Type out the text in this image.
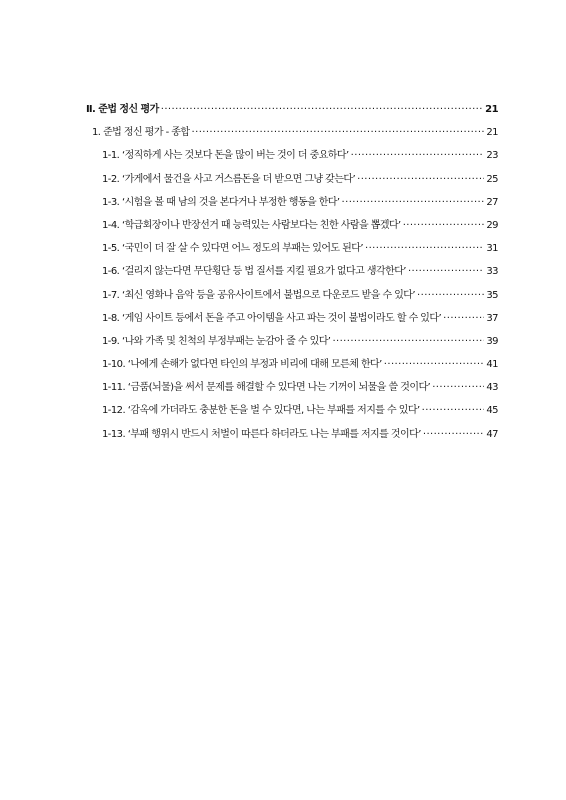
Ⅱ. 준법 정신 평가 ·····	21
1. 준법 정신 평가 - 종합 ·····	21
1-1. ‘정직하게 사는 것보다 돈을 많이 버는 것이 더 중요하다’ ·····	23
1-2. ‘가게에서 물건을 사고 거스름돈을 더 받으면 그냥 갖는다’ ·····	25
1-3. ‘시험을 볼 때 남의 것을 본다거나 부정한 행동을 한다’ ·····	27
1-4. ‘학급회장이나 반장선거 때 능력있는 사람보다는 친한 사람을 뽑겠다’ ·····	29
1-5. ‘국민이 더 잘 살 수 있다면 어느 정도의 부패는 있어도 된다’ ·····	31
1-6. ‘걸리지 않는다면 무단횡단 등 법 질서를 지킬 필요가 없다고 생각한다’ ·····	33
1-7. ‘최신 영화나 음악 등을 공유사이트에서 불법으로 다운로드 받을 수 있다’ ·····	35
1-8. ‘게임 사이트 등에서 돈을 주고 아이템을 사고 파는 것이 불법이라도 할 수 있다’ ·····	37
1-9. ‘나와 가족 및 친척의 부정부패는 눈감아 줄 수 있다’ ·····	39
1-10. ‘나에게 손해가 없다면 타인의 부정과 비리에 대해 모른체 한다’ ·····	41
1-11. ‘금품(뇌물)을 써서 문제를 해결할 수 있다면 나는 기꺼이 뇌물을 쓸 것이다’ ·····	43
1-12. ‘감옥에 가더라도 충분한 돈을 벌 수 있다면, 나는 부패를 저지를 수 있다’ ·····	45
1-13. ‘부패 행위시 반드시 처벌이 따른다 하더라도 나는 부패를 저지를 것이다’ ·····	47
